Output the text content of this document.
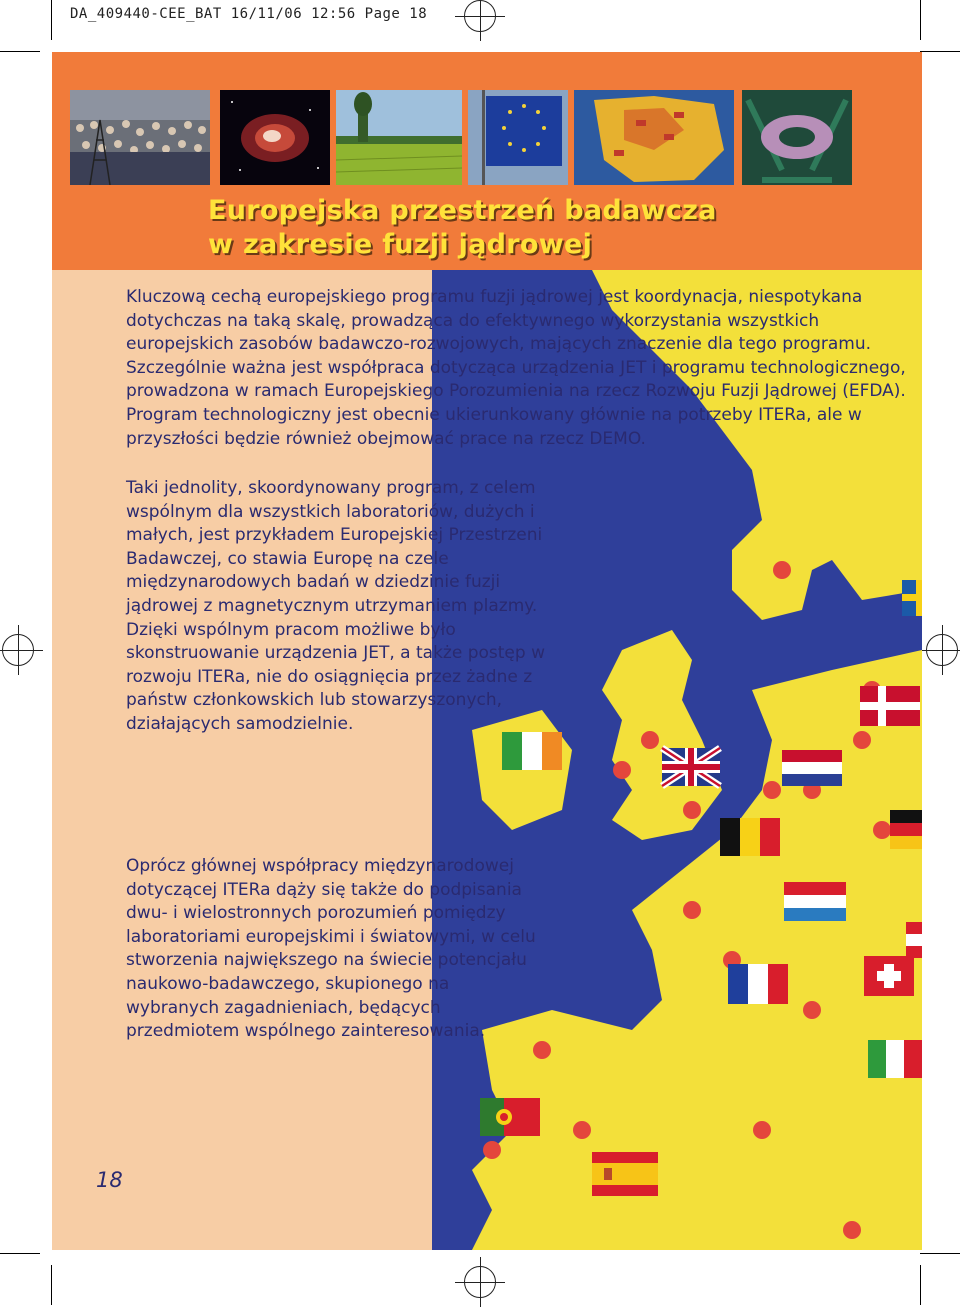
DA_409440-CEE_BAT 16/11/06 12:56 Page 18
Europejska przestrzeń badawcza
w zakresie fuzji jądrowej

Kluczową cechą europejskiego programu fuzji jądrowej jest koordynacja, niespotykana dotychczas na taką skalę, prowadząca do efektywnego wykorzystania wszystkich europejskich zasobów badawczo-rozwojowych, mających znaczenie dla tego programu. Szczególnie ważna jest współpraca dotycząca urządzenia JET i programu technologicznego, prowadzona w ramach Europejskiego Porozumienia na rzecz Rozwoju Fuzji Jądrowej (EFDA). Program technologiczny jest obecnie ukierunkowany głównie na potrzeby ITERa, ale w przyszłości będzie również obejmować prace na rzecz DEMO.

Taki jednolity, skoordynowany program, z celem wspólnym dla wszystkich laboratoriów, dużych i małych, jest przykładem Europejskiej Przestrzeni Badawczej, co stawia Europę na czele międzynarodowych badań w dziedzinie fuzji jądrowej z magnetycznym utrzymaniem plazmy. Dzięki wspólnym pracom możliwe było skonstruowanie urządzenia JET, a także postęp w rozwoju ITERa, nie do osiągnięcia przez żadne z państw członkowskich lub stowarzyszonych, działających samodzielnie.

Oprócz głównej współpracy międzynarodowej dotyczącej ITERa dąży się także do podpisania dwu- i wielostronnych porozumień pomiędzy laboratoriami europejskimi i światowymi, w celu stworzenia największego na świecie potencjału naukowo-badawczego, skupionego na wybranych zagadnieniach, będących przedmiotem wspólnego zainteresowania.

18
